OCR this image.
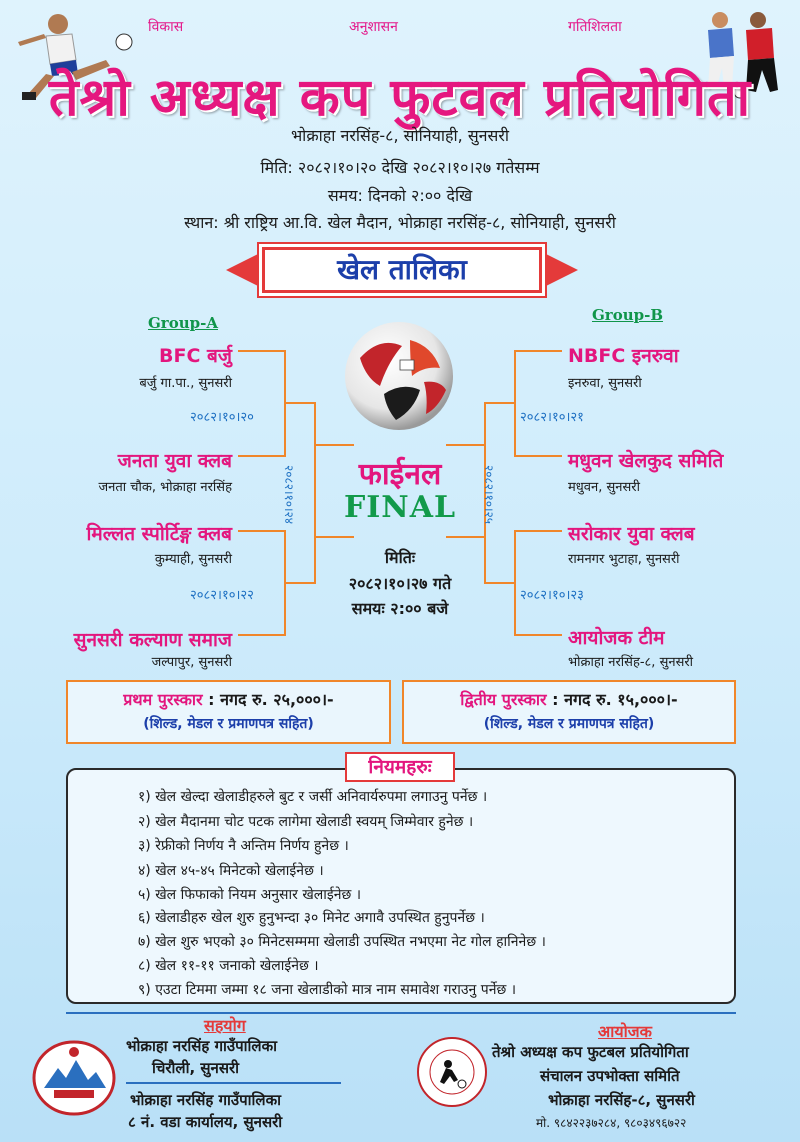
विकास	अनुशासन	गतिशिलता
तेश्रो अध्यक्ष कप फुटवल प्रतियोगिता
भोक्राहा नरसिंह-८, सोनियाही, सुनसरी
मिति: २०८२।१०।२० देखि २०८२।१०।२७ गतेसम्म
समय: दिनको २:०० देखि
स्थान: श्री राष्ट्रिय आ.वि. खेल मैदान, भोक्राहा नरसिंह-८, सोनियाही, सुनसरी
खेल तालिका
Group-A	Group-B
BFC बर्जु
बर्जु गा.पा., सुनसरी
२०८२।१०।२०
जनता युवा क्लब
जनता चौक, भोक्राहा नरसिंह
मिल्लत स्पोर्टिङ्ग क्लब
कुम्याही, सुनसरी
२०८२।१०।२२
सुनसरी कल्याण समाज
जल्पापुर, सुनसरी
२०८२।१०।२४
NBFC इनरुवा
इनरुवा, सुनसरी
२०८२।१०।२१
मधुवन खेलकुद समिति
मधुवन, सुनसरी
सरोकार युवा क्लब
रामनगर भुटाहा, सुनसरी
२०८२।१०।२३
आयोजक टीम
भोक्राहा नरसिंह-८, सुनसरी
२०८२।१०।२५
फाईनल
FINAL
मितिः
२०८२।१०।२७ गते
समयः २:०० बजे
प्रथम पुरस्कार : नगद रु. २५,०००।-
(शिल्ड, मेडल र प्रमाणपत्र सहित)
द्वितीय पुरस्कार : नगद रु. १५,०००।-
(शिल्ड, मेडल र प्रमाणपत्र सहित)
नियमहरुः
१) खेल खेल्दा खेलाडीहरुले बुट र जर्सी अनिवार्यरुपमा लगाउनु पर्नेछ ।
२) खेल मैदानमा चोट पटक लागेमा खेलाडी स्वयम् जिम्मेवार हुनेछ ।
३) रेफ्रीको निर्णय नै अन्तिम निर्णय हुनेछ ।
४) खेल ४५-४५ मिनेटको खेलाईनेछ ।
५) खेल फिफाको नियम अनुसार खेलाईनेछ ।
६) खेलाडीहरु खेल शुरु हुनुभन्दा ३० मिनेट अगावै उपस्थित हुनुपर्नेछ ।
७) खेल शुरु भएको ३० मिनेटसम्ममा खेलाडी उपस्थित नभएमा नेट गोल हानिनेछ ।
८) खेल ११-११ जनाको खेलाईनेछ ।
९) एउटा टिममा जम्मा १८ जना खेलाडीको मात्र नाम समावेश गराउनु पर्नेछ ।
सहयोग
भोक्राहा नरसिंह गाउँपालिका
चिरौली, सुनसरी
भोक्राहा नरसिंह गाउँपालिका
८ नं. वडा कार्यालय, सुनसरी
आयोजक
तेश्रो अध्यक्ष कप फुटबल प्रतियोगिता
संचालन उपभोक्ता समिति
भोक्राहा नरसिंह-८, सुनसरी
मो. ९८४२२३७२८४, ९८०३४९६७२२
